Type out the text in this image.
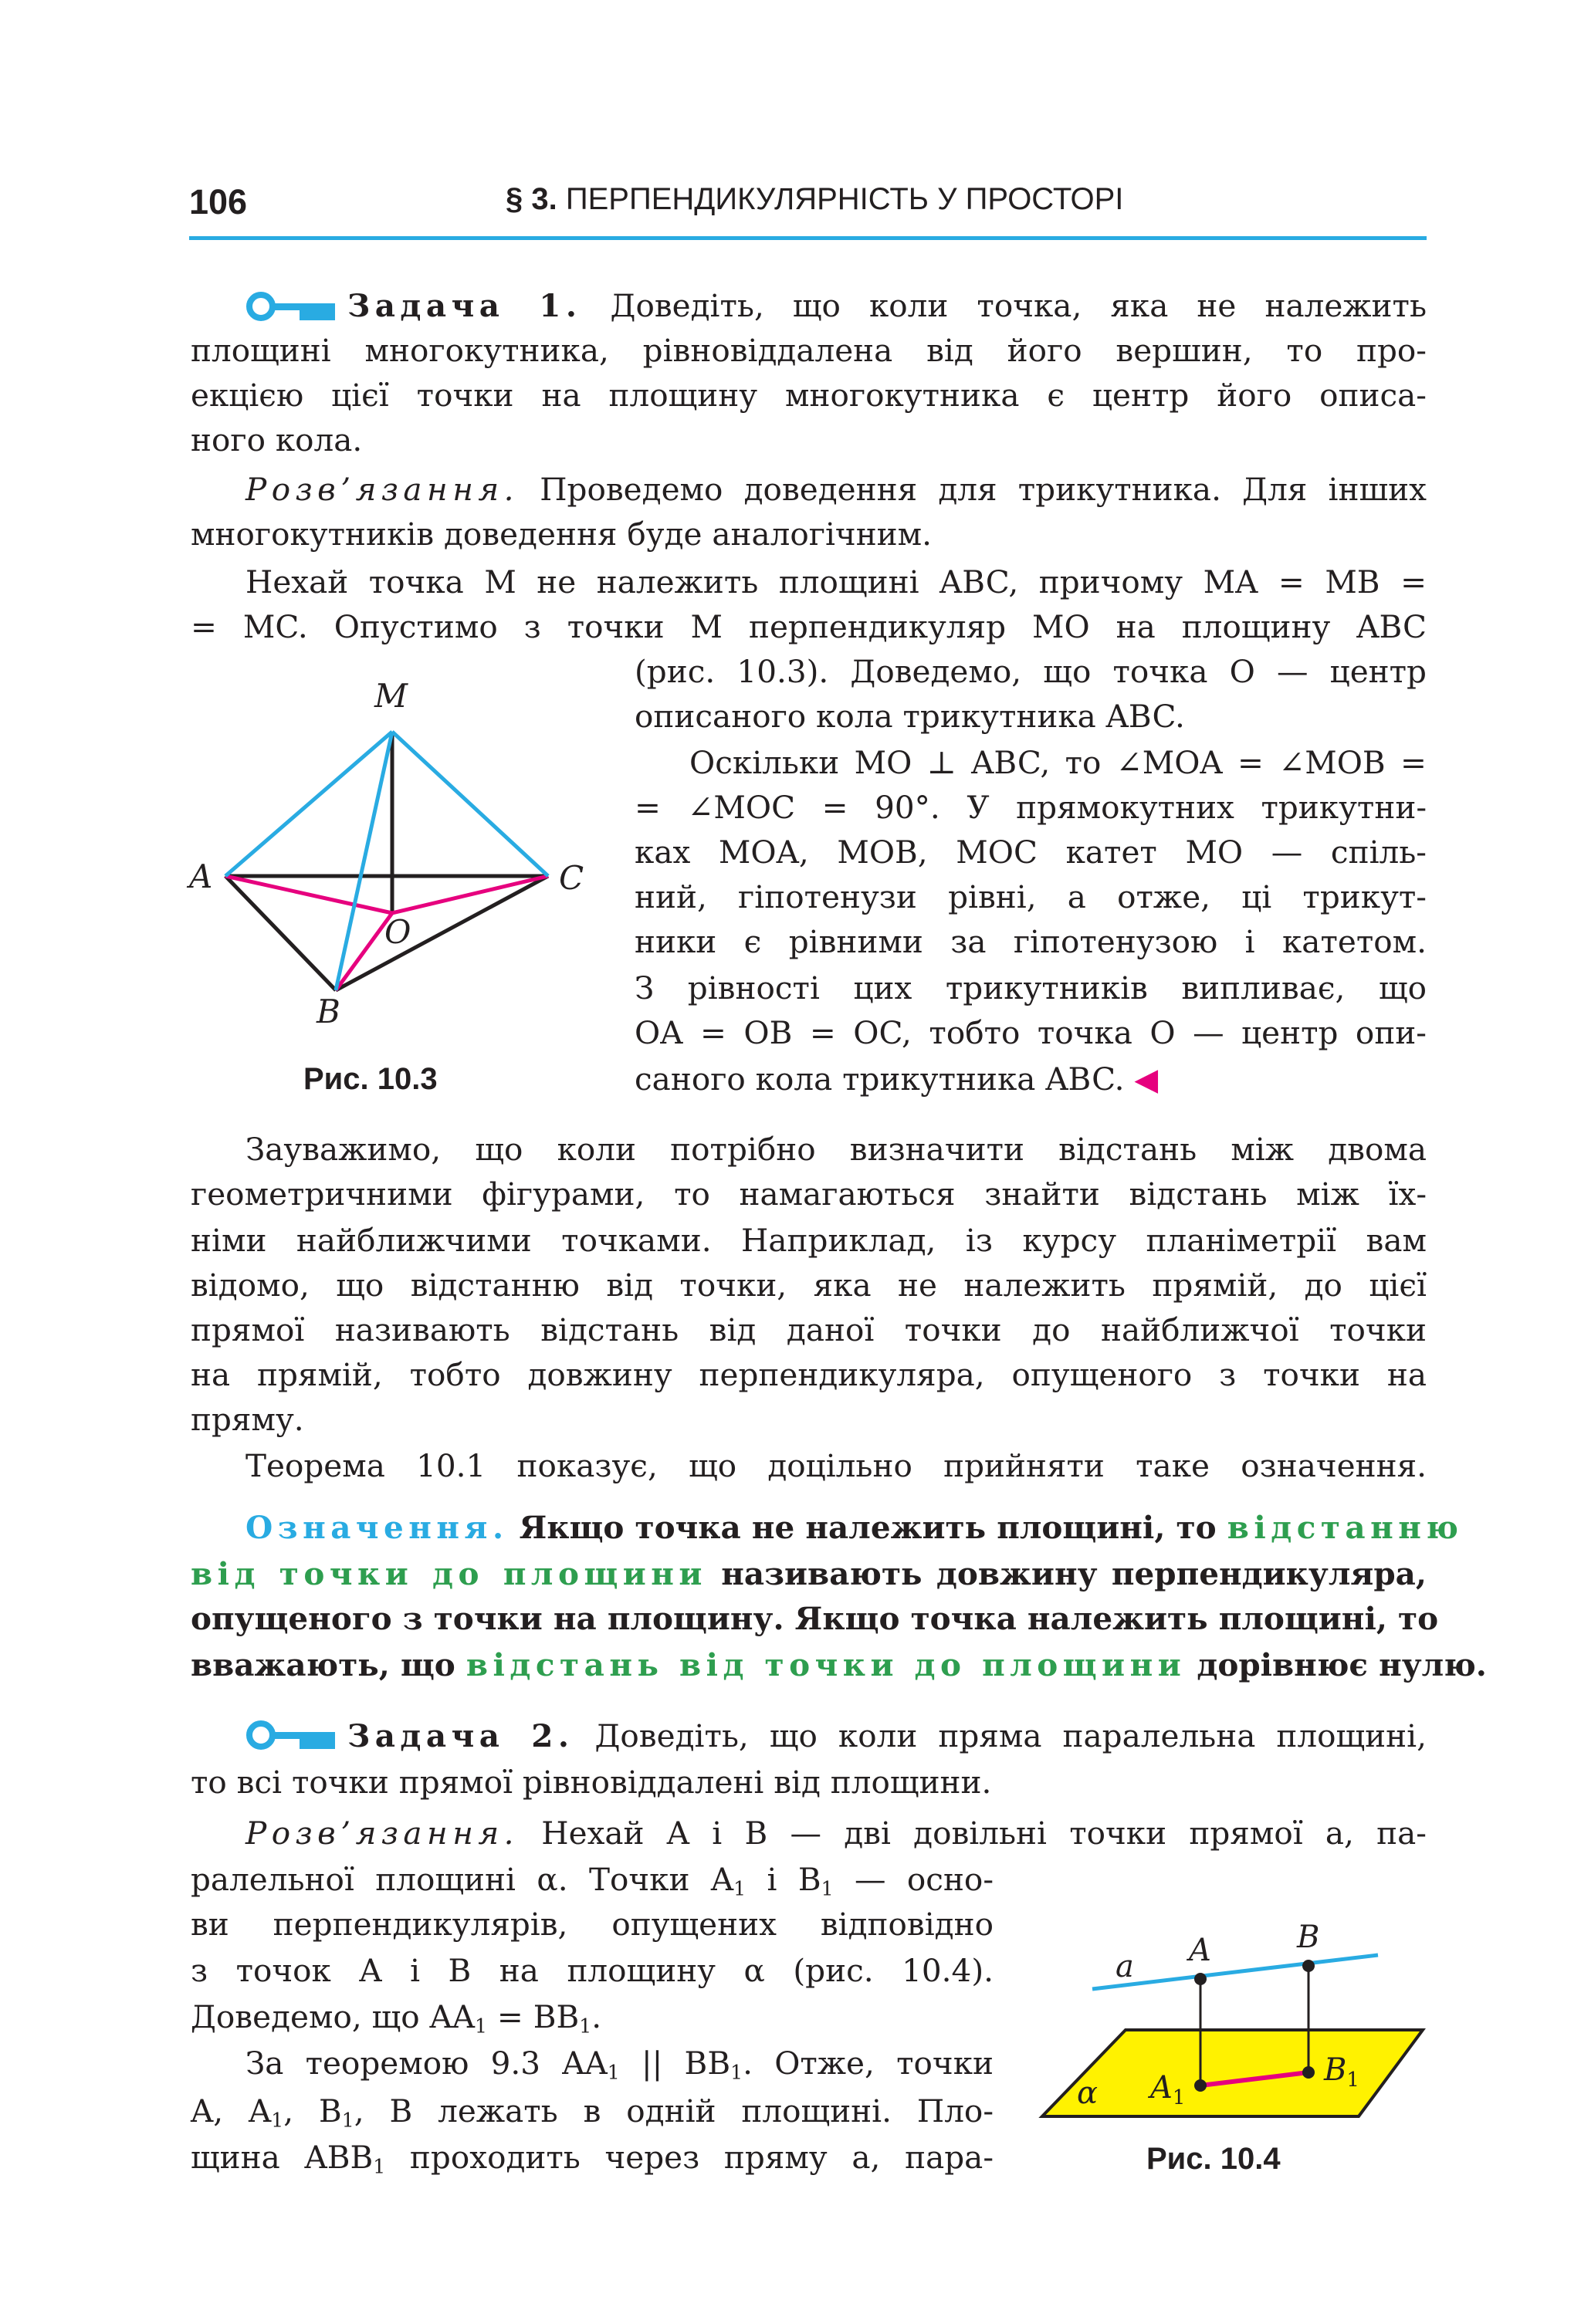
106	§ 3. ПЕРПЕНДИКУЛЯРНІСТЬ У ПРОСТОРІ
Задача 1. Доведіть, що коли точка, яка не належить
площині многокутника, рівновіддалена від його вершин, то про-
екцією цієї точки на площину многокутника є центр його описа-
ного кола.
Розв’язання. Проведемо доведення для трикутника. Для інших
многокутників доведення буде аналогічним.
Нехай точка M не належить площині ABC, причому MA = MB =
= MC. Опустимо з точки M перпендикуляр MO на площину ABC
(рис. 10.3). Доведемо, що точка O — центр
описаного кола трикутника ABC.
Оскільки MO ⊥ ABC, то ∠MOA = ∠MOB =
= ∠MOC = 90°. У прямокутних трикутни-
ках MOA, MOB, MOC катет MO — спіль-
ний, гіпотенузи рівні, а отже, ці трикут-
ники є рівними за гіпотенузою і катетом.
З рівності цих трикутників випливає, що
OA = OB = OC, тобто точка O — центр опи-
саного кола трикутника ABC. ◀
M
A	C
O
B
Рис. 10.3
Зауважимо, що коли потрібно визначити відстань між двома
геометричними фігурами, то намагаються знайти відстань між їх-
німи найближчими точками. Наприклад, із курсу планіметрії вам
відомо, що відстанню від точки, яка не належить прямій, до цієї
прямої називають відстань від даної точки до найближчої точки
на прямій, тобто довжину перпендикуляра, опущеного з точки на
пряму.
Теорема 10.1 показує, що доцільно прийняти таке означення.
Означення. Якщо точка не належить площині, то відстанню
від точки до площини називають довжину перпендикуляра,
опущеного з точки на площину. Якщо точка належить площині, то
вважають, що відстань від точки до площини дорівнює нулю.
Задача 2. Доведіть, що коли пряма паралельна площині,
то всі точки прямої рівновіддалені від площини.
Розв’язання. Нехай A і B — дві довільні точки прямої a, па-
ралельної площині α. Точки $A_1$ і $B_1$ — осно-
ви перпендикулярів, опущених відповідно
з точок A і B на площину α (рис. 10.4).
Доведемо, що $AA_1 = BB_1$.
За теоремою 9.3 $AA_1$ || $BB_1$. Отже, точки
A, $A_1$, $B_1$, B лежать в одній площині. Пло-
щина $ABB_1$ проходить через пряму a, пара-
a A	B
$A_1$
$B_1$
α
Рис. 10.4
